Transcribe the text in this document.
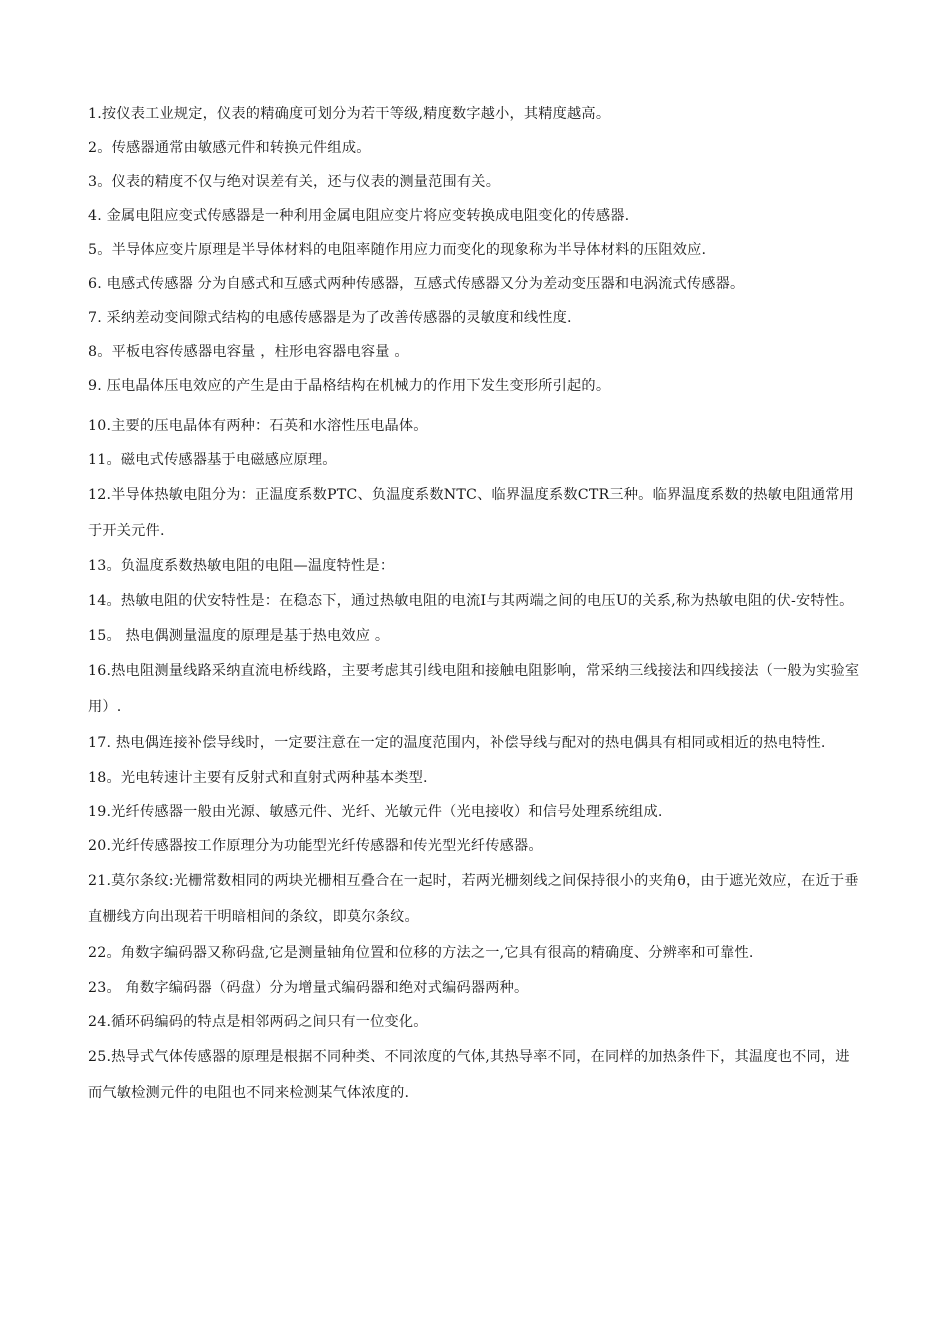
1.按仪表工业规定，仪表的精确度可划分为若干等级,精度数字越小，其精度越高。

2。传感器通常由敏感元件和转换元件组成。

3。仪表的精度不仅与绝对误差有关，还与仪表的测量范围有关。

4. 金属电阻应变式传感器是一种利用金属电阻应变片将应变转换成电阻变化的传感器.

5。半导体应变片原理是半导体材料的电阻率随作用应力而变化的现象称为半导体材料的压阻效应.

6. 电感式传感器 分为自感式和互感式两种传感器，互感式传感器又分为差动变压器和电涡流式传感器。

7. 采纳差动变间隙式结构的电感传感器是为了改善传感器的灵敏度和线性度.

8。平板电容传感器电容量 ，柱形电容器电容量 。

9. 压电晶体压电效应的产生是由于晶格结构在机械力的作用下发生变形所引起的。

10.主要的压电晶体有两种：石英和水溶性压电晶体。

11。磁电式传感器基于电磁感应原理。

12.半导体热敏电阻分为：正温度系数PTC、负温度系数NTC、临界温度系数CTR三种。临界温度系数的热敏电阻通常用于开关元件.

13。负温度系数热敏电阻的电阻—温度特性是：

14。热敏电阻的伏安特性是：在稳态下，通过热敏电阻的电流I与其两端之间的电压U的关系,称为热敏电阻的伏-安特性。

15。 热电偶测量温度的原理是基于热电效应 。

16.热电阻测量线路采纳直流电桥线路，主要考虑其引线电阻和接触电阻影响，常采纳三线接法和四线接法（一般为实验室用）.

17. 热电偶连接补偿导线时，一定要注意在一定的温度范围内，补偿导线与配对的热电偶具有相同或相近的热电特性.

18。光电转速计主要有反射式和直射式两种基本类型.

19.光纤传感器一般由光源、敏感元件、光纤、光敏元件（光电接收）和信号处理系统组成.

20.光纤传感器按工作原理分为功能型光纤传感器和传光型光纤传感器。

21.莫尔条纹:光栅常数相同的两块光栅相互叠合在一起时，若两光栅刻线之间保持很小的夹角θ，由于遮光效应，在近于垂直栅线方向出现若干明暗相间的条纹，即莫尔条纹。

22。角数字编码器又称码盘,它是测量轴角位置和位移的方法之一,它具有很高的精确度、分辨率和可靠性.

23。 角数字编码器（码盘）分为增量式编码器和绝对式编码器两种。

24.循环码编码的特点是相邻两码之间只有一位变化。

25.热导式气体传感器的原理是根据不同种类、不同浓度的气体,其热导率不同，在同样的加热条件下，其温度也不同，进而气敏检测元件的电阻也不同来检测某气体浓度的.
